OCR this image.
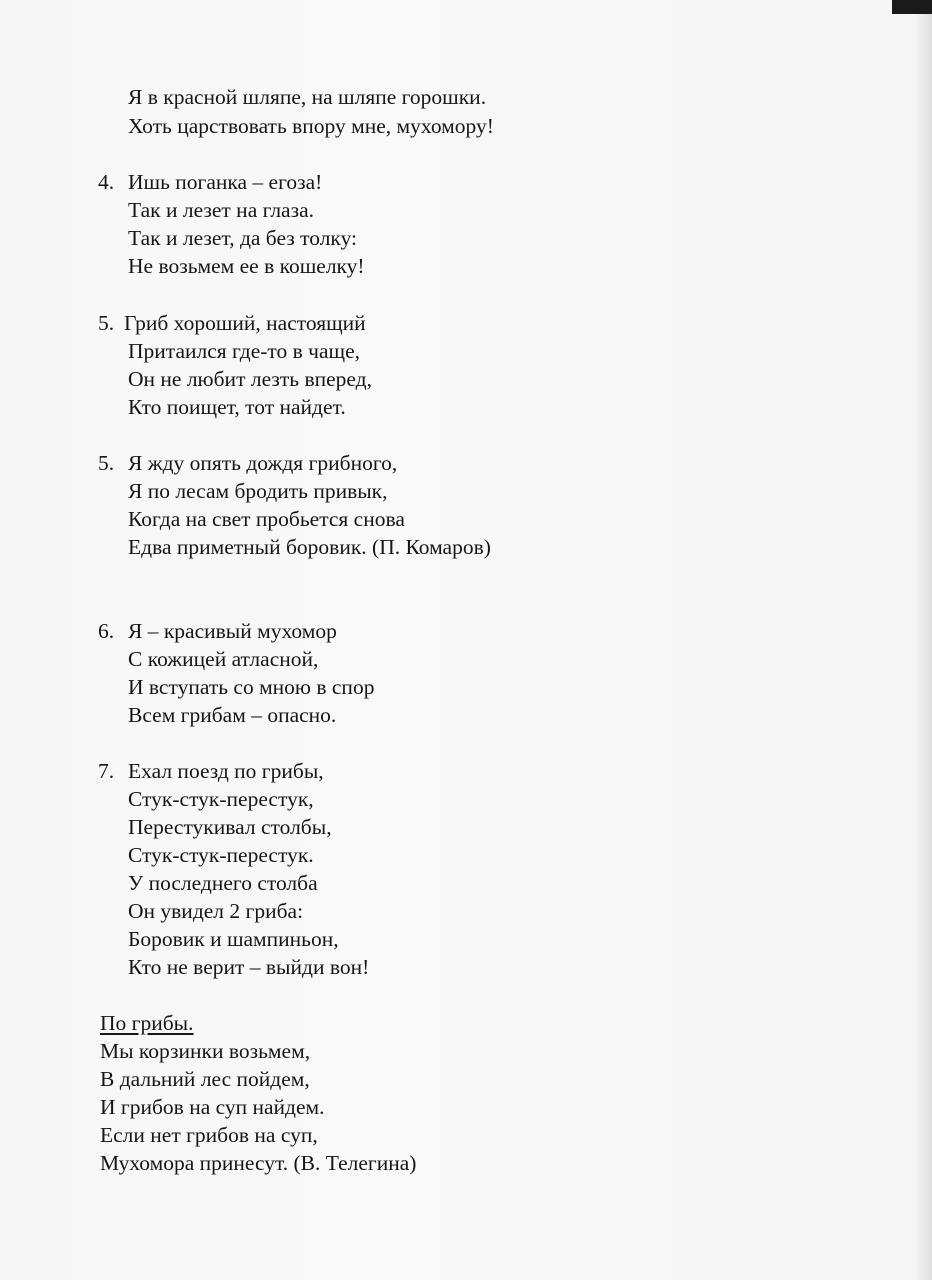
Я в красной шляпе, на шляпе горошки.
Хоть царствовать впору мне, мухомору!
4. Ишь поганка – егоза!
Так и лезет на глаза.
Так и лезет, да без толку:
Не возьмем ее в кошелку!
5. Гриб хороший, настоящий
Притаился где-то в чаще,
Он не любит лезть вперед,
Кто поищет, тот найдет.
5. Я жду опять дождя грибного,
Я по лесам бродить привык,
Когда на свет пробьется снова
Едва приметный боровик. (П. Комаров)
6. Я – красивый мухомор
С кожицей атласной,
И вступать со мною в спор
Всем грибам – опасно.
7. Ехал поезд по грибы,
Стук-стук-перестук,
Перестукивал столбы,
Стук-стук-перестук.
У последнего столба
Он увидел 2 гриба:
Боровик и шампиньон,
Кто не верит – выйди вон!
По грибы.
Мы корзинки возьмем,
В дальний лес пойдем,
И грибов на суп найдем.
Если нет грибов на суп,
Мухомора принесут. (В. Телегина)
